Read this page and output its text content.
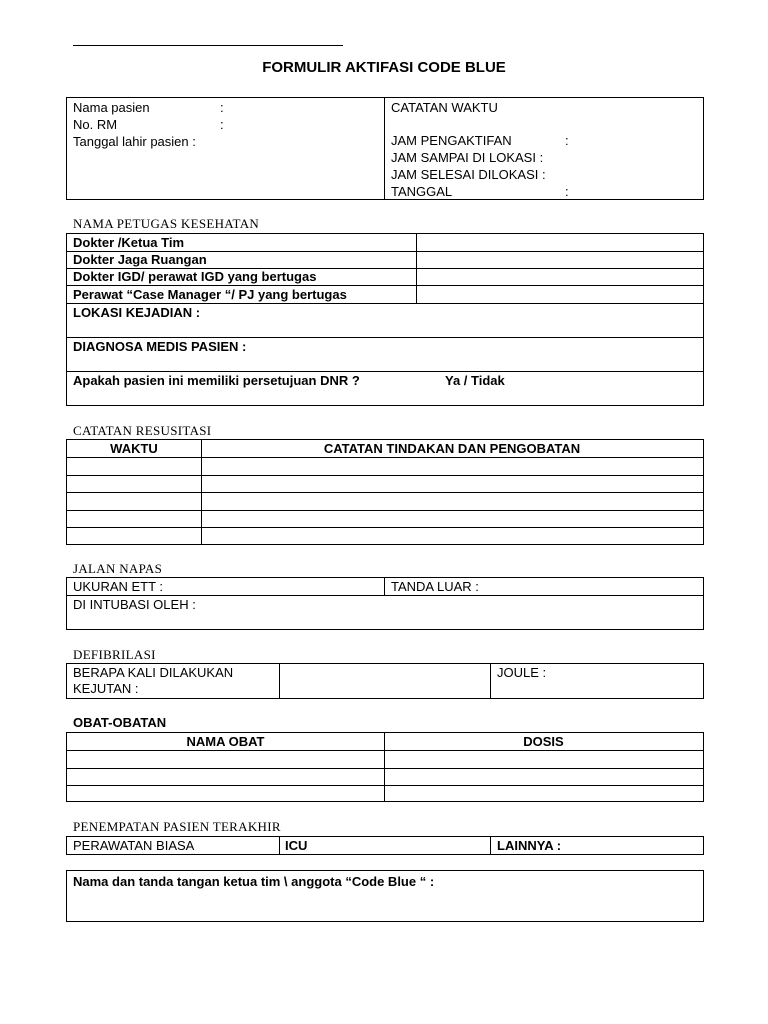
FORMULIR AKTIFASI CODE BLUE
Nama pasien	:
No. RM	:
Tanggal lahir pasien :
CATATAN WAKTU
JAM PENGAKTIFAN	:
JAM SAMPAI DI LOKASI :
JAM SELESAI DILOKASI :
TANGGAL	:
NAMA PETUGAS KESEHATAN
Dokter /Ketua Tim
Dokter Jaga Ruangan
Dokter IGD/ perawat IGD yang bertugas
Perawat “Case Manager “/ PJ yang bertugas
LOKASI KEJADIAN :
DIAGNOSA MEDIS PASIEN :
Apakah pasien ini memiliki persetujuan DNR ?	Ya / Tidak
CATATAN RESUSITASI
WAKTU	CATATAN TINDAKAN DAN PENGOBATAN
JALAN NAPAS
UKURAN ETT :	TANDA LUAR :
DI INTUBASI OLEH :
DEFIBRILASI
BERAPA KALI DILAKUKAN
KEJUTAN :
JOULE :
OBAT-OBATAN
NAMA OBAT	DOSIS
PENEMPATAN PASIEN TERAKHIR
PERAWATAN BIASA	ICU	LAINNYA :
Nama dan tanda tangan ketua tim \ anggota “Code Blue “ :
